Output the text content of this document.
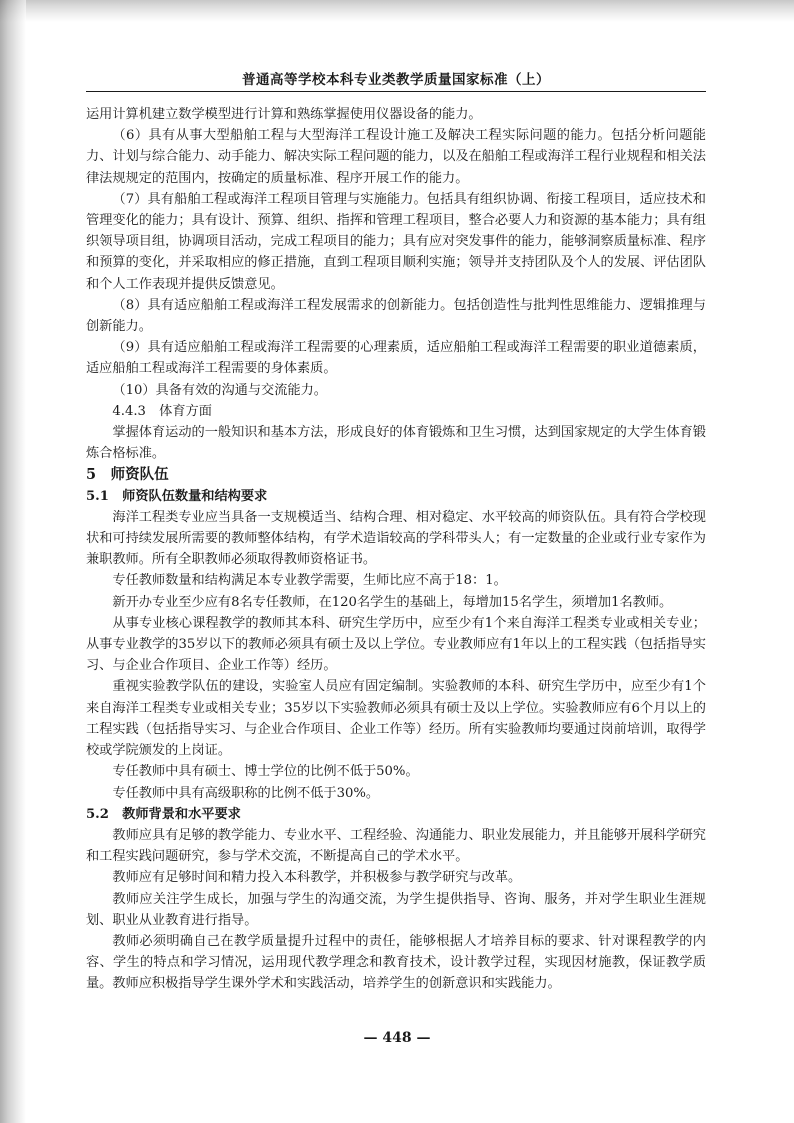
普通高等学校本科专业类教学质量国家标准（上）

运用计算机建立数学模型进行计算和熟练掌握使用仪器设备的能力。

（6）具有从事大型船舶工程与大型海洋工程设计施工及解决工程实际问题的能力。包括分析问题能力、计划与综合能力、动手能力、解决实际工程问题的能力，以及在船舶工程或海洋工程行业规程和相关法律法规规定的范围内，按确定的质量标准、程序开展工作的能力。

（7）具有船舶工程或海洋工程项目管理与实施能力。包括具有组织协调、衔接工程项目，适应技术和管理变化的能力；具有设计、预算、组织、指挥和管理工程项目，整合必要人力和资源的基本能力；具有组织领导项目组，协调项目活动，完成工程项目的能力；具有应对突发事件的能力，能够洞察质量标准、程序和预算的变化，并采取相应的修正措施，直到工程项目顺利实施；领导并支持团队及个人的发展、评估团队和个人工作表现并提供反馈意见。

（8）具有适应船舶工程或海洋工程发展需求的创新能力。包括创造性与批判性思维能力、逻辑推理与创新能力。

（9）具有适应船舶工程或海洋工程需要的心理素质，适应船舶工程或海洋工程需要的职业道德素质，适应船舶工程或海洋工程需要的身体素质。

（10）具备有效的沟通与交流能力。

4.4.3　体育方面

掌握体育运动的一般知识和基本方法，形成良好的体育锻炼和卫生习惯，达到国家规定的大学生体育锻炼合格标准。

5　师资队伍

5.1　师资队伍数量和结构要求

海洋工程类专业应当具备一支规模适当、结构合理、相对稳定、水平较高的师资队伍。具有符合学校现状和可持续发展所需要的教师整体结构，有学术造诣较高的学科带头人；有一定数量的企业或行业专家作为兼职教师。所有全职教师必须取得教师资格证书。

专任教师数量和结构满足本专业教学需要，生师比应不高于18：1。

新开办专业至少应有8名专任教师，在120名学生的基础上，每增加15名学生，须增加1名教师。

从事专业核心课程教学的教师其本科、研究生学历中，应至少有1个来自海洋工程类专业或相关专业；从事专业教学的35岁以下的教师必须具有硕士及以上学位。专业教师应有1年以上的工程实践（包括指导实习、与企业合作项目、企业工作等）经历。

重视实验教学队伍的建设，实验室人员应有固定编制。实验教师的本科、研究生学历中，应至少有1个来自海洋工程类专业或相关专业；35岁以下实验教师必须具有硕士及以上学位。实验教师应有6个月以上的工程实践（包括指导实习、与企业合作项目、企业工作等）经历。所有实验教师均要通过岗前培训，取得学校或学院颁发的上岗证。

专任教师中具有硕士、博士学位的比例不低于50%。

专任教师中具有高级职称的比例不低于30%。

5.2　教师背景和水平要求

教师应具有足够的教学能力、专业水平、工程经验、沟通能力、职业发展能力，并且能够开展科学研究和工程实践问题研究，参与学术交流，不断提高自己的学术水平。

教师应有足够时间和精力投入本科教学，并积极参与教学研究与改革。

教师应关注学生成长，加强与学生的沟通交流，为学生提供指导、咨询、服务，并对学生职业生涯规划、职业从业教育进行指导。

教师必须明确自己在教学质量提升过程中的责任，能够根据人才培养目标的要求、针对课程教学的内容、学生的特点和学习情况，运用现代教学理念和教育技术，设计教学过程，实现因材施教，保证教学质量。教师应积极指导学生课外学术和实践活动，培养学生的创新意识和实践能力。

— 448 —
